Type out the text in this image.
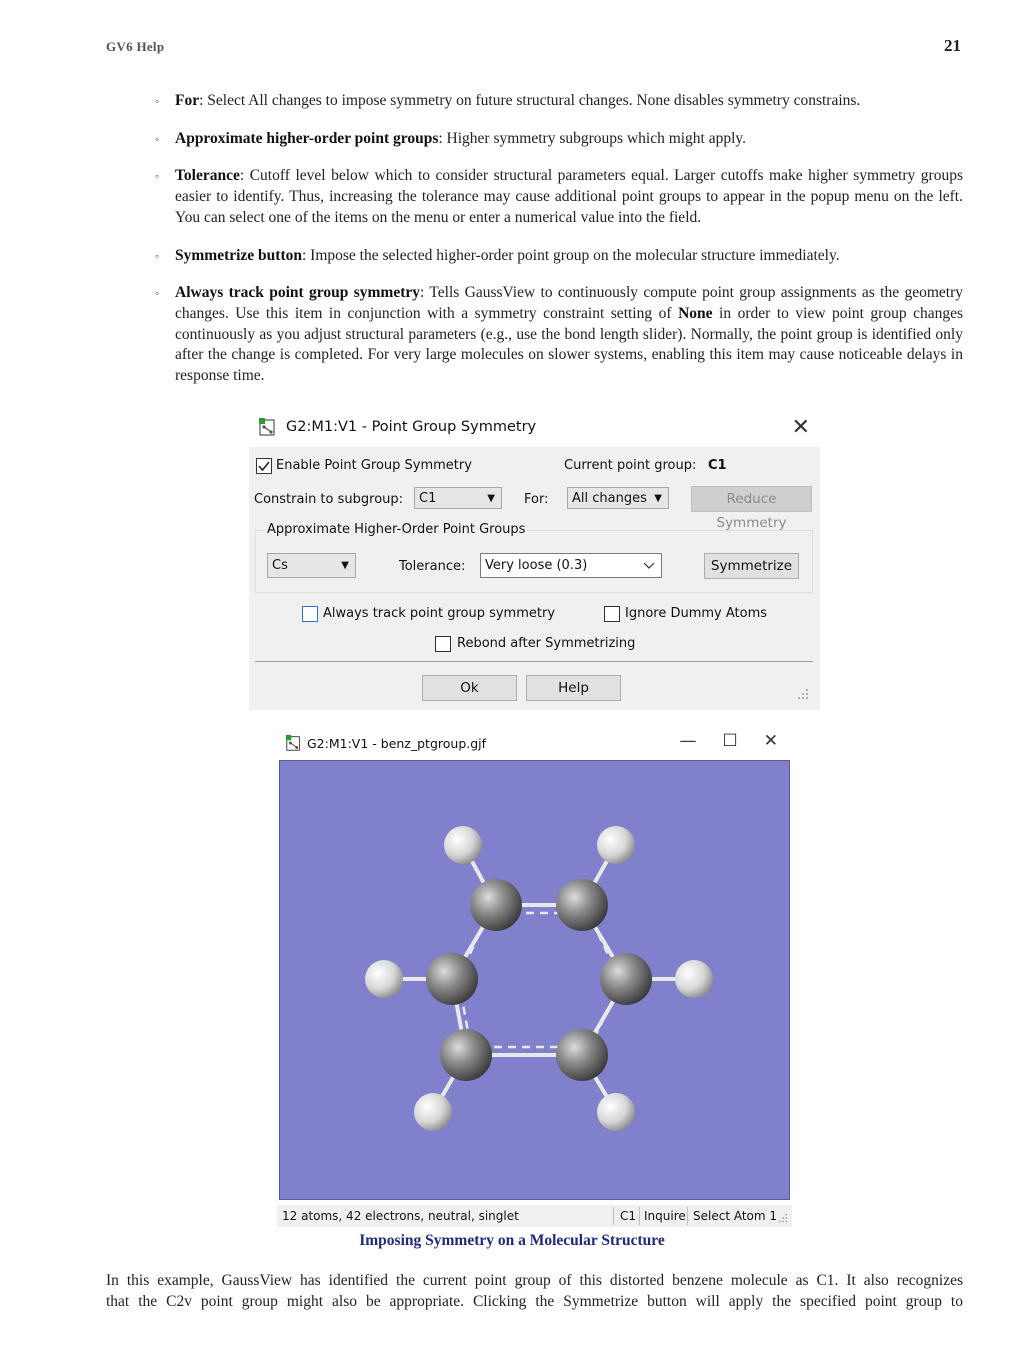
GV6 Help	21
◦ For: Select All changes to impose symmetry on future structural changes. None disables symmetry constrains.
◦ Approximate higher-order point groups: Higher symmetry subgroups which might apply.
◦ Tolerance: Cutoff level below which to consider structural parameters equal. Larger cutoffs make higher symmetry groups easier to identify. Thus, increasing the tolerance may cause additional point groups to appear in the popup menu on the left. You can select one of the items on the menu or enter a numerical value into the field.
◦ Symmetrize button: Impose the selected higher-order point group on the molecular structure immediately.
◦ Always track point group symmetry: Tells GaussView to continuously compute point group assignments as the geometry changes. Use this item in conjunction with a symmetry constraint setting of None in order to view point group changes continuously as you adjust structural parameters (e.g., use the bond length slider). Normally, the point group is identified only after the change is completed. For very large molecules on slower systems, enabling this item may cause noticeable delays in response time.
G2:M1:V1 - Point Group Symmetry	✕
Enable Point Group Symmetry	Current point group: C1
Constrain to subgroup:	C1	▼ For:	All changes ▼	Reduce Symmetry
Approximate Higher-Order Point Groups
Cs	▼	Tolerance:	Very loose (0.3)	Symmetrize
Always track point group symmetry	Ignore Dummy Atoms
Rebond after Symmetrizing
Ok	Help
G2:M1:V1 - benz_ptgroup.gjf	— ☐ ✕
12 atoms, 42 electrons, neutral, singlet	C1 Inquire Select Atom 1
Imposing Symmetry on a Molecular Structure
In this example, GaussView has identified the current point group of this distorted benzene molecule as C1. It also recognizes
that the C2v point group might also be appropriate. Clicking the Symmetrize button will apply the specified point group to
